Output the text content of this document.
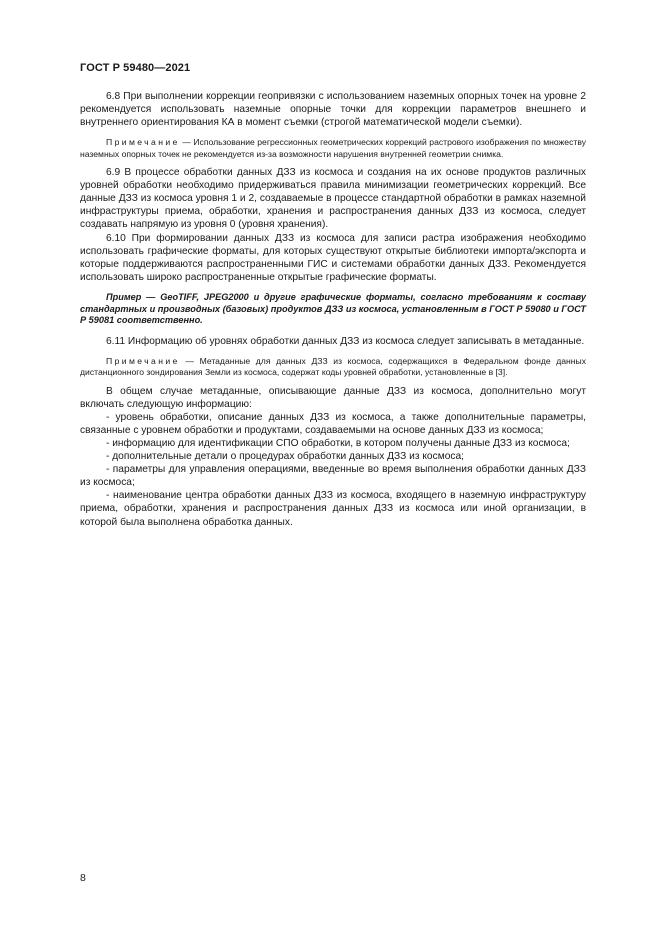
ГОСТ Р 59480—2021

6.8 При выполнении коррекции геопривязки с использованием наземных опорных точек на уровне 2 рекомендуется использовать наземные опорные точки для коррекции параметров внешнего и внутреннего ориентирования КА в момент съемки (строгой математической модели съемки).

Примечание — Использование регрессионных геометрических коррекций растрового изображения по множеству наземных опорных точек не рекомендуется из-за возможности нарушения внутренней геометрии снимка.

6.9 В процессе обработки данных ДЗЗ из космоса и создания на их основе продуктов различных уровней обработки необходимо придерживаться правила минимизации геометрических коррекций. Все данные ДЗЗ из космоса уровня 1 и 2, создаваемые в процессе стандартной обработки в рамках наземной инфраструктуры приема, обработки, хранения и распространения данных ДЗЗ из космоса, следует создавать напрямую из уровня 0 (уровня хранения).

6.10 При формировании данных ДЗЗ из космоса для записи растра изображения необходимо использовать графические форматы, для которых существуют открытые библиотеки импорта/экспорта и которые поддерживаются распространенными ГИС и системами обработки данных ДЗЗ. Рекомендуется использовать широко распространенные открытые графические форматы.

Пример — GeoTIFF, JPEG2000 и другие графические форматы, согласно требованиям к составу стандартных и производных (базовых) продуктов ДЗЗ из космоса, установленным в ГОСТ Р 59080 и ГОСТ Р 59081 соответственно.

6.11 Информацию об уровнях обработки данных ДЗЗ из космоса следует записывать в метаданные.

Примечание — Метаданные для данных ДЗЗ из космоса, содержащихся в Федеральном фонде данных дистанционного зондирования Земли из космоса, содержат коды уровней обработки, установленные в [3].

В общем случае метаданные, описывающие данные ДЗЗ из космоса, дополнительно могут включать следующую информацию:

- уровень обработки, описание данных ДЗЗ из космоса, а также дополнительные параметры, связанные с уровнем обработки и продуктами, создаваемыми на основе данных ДЗЗ из космоса;

- информацию для идентификации СПО обработки, в котором получены данные ДЗЗ из космоса;

- дополнительные детали о процедурах обработки данных ДЗЗ из космоса;

- параметры для управления операциями, введенные во время выполнения обработки данных ДЗЗ из космоса;

- наименование центра обработки данных ДЗЗ из космоса, входящего в наземную инфраструктуру приема, обработки, хранения и распространения данных ДЗЗ из космоса или иной организации, в которой была выполнена обработка данных.

8
